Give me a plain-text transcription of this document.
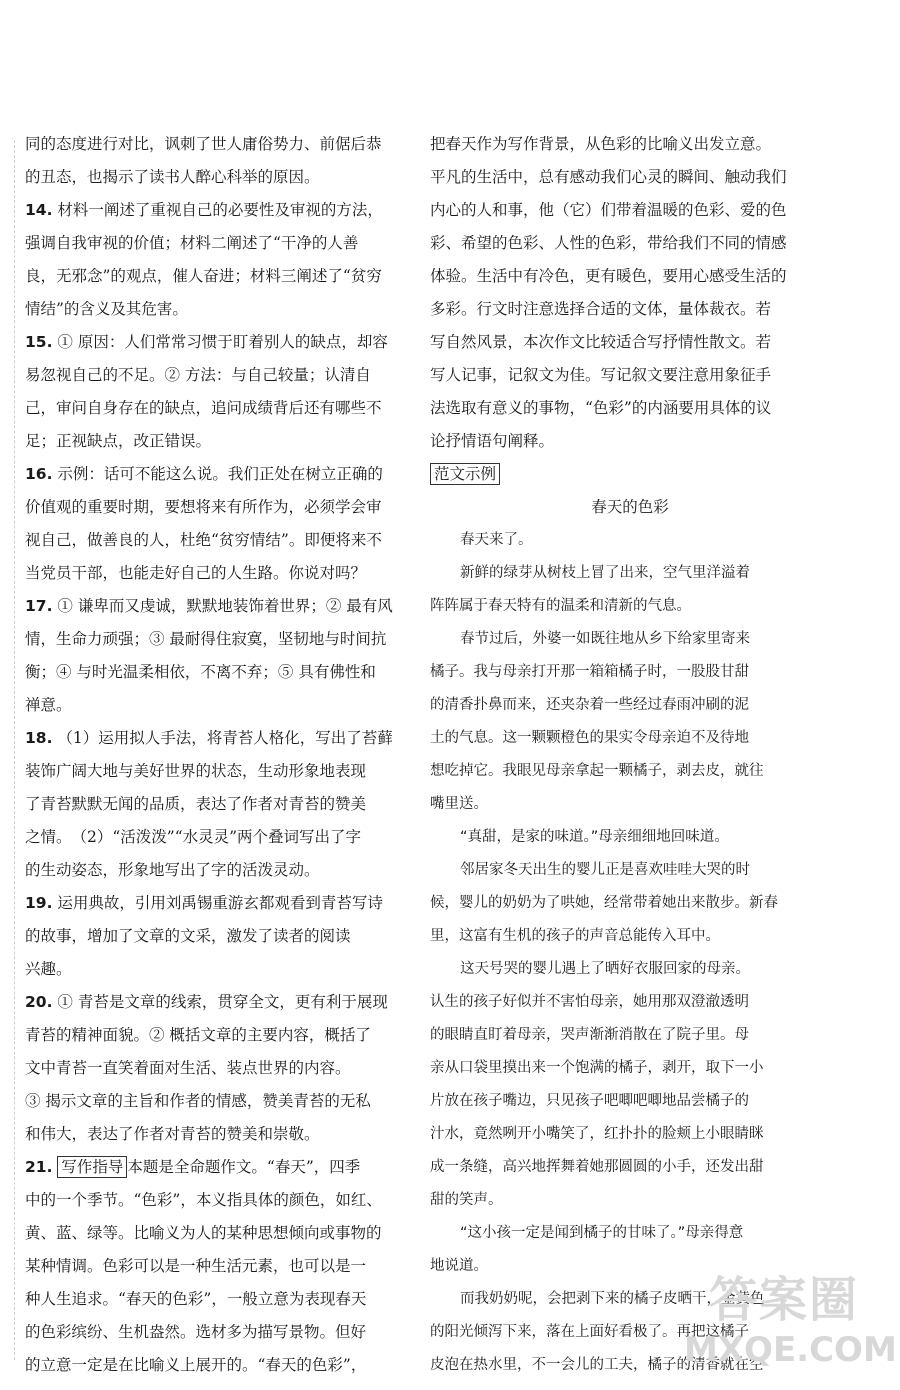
同的态度进行对比，讽刺了世人庸俗势力、前倨后恭
的丑态，也揭示了读书人醉心科举的原因。
14. 材料一阐述了重视自己的必要性及审视的方法，
强调自我审视的价值；材料二阐述了“干净的人善
良，无邪念”的观点，催人奋进；材料三阐述了“贫穷
情结”的含义及其危害。
15. ① 原因：人们常常习惯于盯着别人的缺点，却容
易忽视自己的不足。② 方法：与自己较量；认清自
己，审问自身存在的缺点，追问成绩背后还有哪些不
足；正视缺点，改正错误。
16. 示例：话可不能这么说。我们正处在树立正确的
价值观的重要时期，要想将来有所作为，必须学会审
视自己，做善良的人，杜绝“贫穷情结”。即便将来不
当党员干部，也能走好自己的人生路。你说对吗？
17. ① 谦卑而又虔诚，默默地装饰着世界；② 最有风
情，生命力顽强；③ 最耐得住寂寞，坚韧地与时间抗
衡；④ 与时光温柔相依，不离不弃；⑤ 具有佛性和
禅意。
18. （1）运用拟人手法，将青苔人格化，写出了苔藓
装饰广阔大地与美好世界的状态，生动形象地表现
了青苔默默无闻的品质，表达了作者对青苔的赞美
之情。　（2）“活泼泼”“水灵灵”两个叠词写出了字
的生动姿态，形象地写出了字的活泼灵动。
19. 运用典故，引用刘禹锡重游玄都观看到青苔写诗
的故事，增加了文章的文采，激发了读者的阅读
兴趣。
20. ① 青苔是文章的线索，贯穿全文，更有利于展现
青苔的精神面貌。② 概括文章的主要内容，概括了
文中青苔一直笑着面对生活、装点世界的内容。
③ 揭示文章的主旨和作者的情感，赞美青苔的无私
和伟大，表达了作者对青苔的赞美和崇敬。
21. 写作指导 本题是全命题作文。“春天”，四季
中的一个季节。“色彩”，本义指具体的颜色，如红、
黄、蓝、绿等。比喻义为人的某种思想倾向或事物的
某种情调。色彩可以是一种生活元素，也可以是一
种人生追求。“春天的色彩”，一般立意为表现春天
的色彩缤纷、生机盎然。选材多为描写景物。但好
的立意一定是在比喻义上展开的。“春天的色彩”，
把春天作为写作背景，从色彩的比喻义出发立意。
平凡的生活中，总有感动我们心灵的瞬间、触动我们
内心的人和事，他（它）们带着温暖的色彩、爱的色
彩、希望的色彩、人性的色彩，带给我们不同的情感
体验。生活中有冷色，更有暖色，要用心感受生活的
多彩。行文时注意选择合适的文体，量体裁衣。若
写自然风景，本次作文比较适合写抒情性散文。若
写人记事，记叙文为佳。写记叙文要注意用象征手
法选取有意义的事物，“色彩”的内涵要用具体的议
论抒情语句阐释。
范文示例
春天的色彩
春天来了。
新鲜的绿芽从树枝上冒了出来，空气里洋溢着
阵阵属于春天特有的温柔和清新的气息。
春节过后，外婆一如既往地从乡下给家里寄来
橘子。我与母亲打开那一箱箱橘子时，一股股甘甜
的清香扑鼻而来，还夹杂着一些经过春雨冲刷的泥
土的气息。这一颗颗橙色的果实令母亲迫不及待地
想吃掉它。我眼见母亲拿起一颗橘子，剥去皮，就往
嘴里送。
“真甜，是家的味道。”母亲细细地回味道。
邻居家冬天出生的婴儿正是喜欢哇哇大哭的时
候，婴儿的奶奶为了哄她，经常带着她出来散步。新春
里，这富有生机的孩子的声音总能传入耳中。
这天号哭的婴儿遇上了晒好衣服回家的母亲。
认生的孩子好似并不害怕母亲，她用那双澄澈透明
的眼睛直盯着母亲，哭声渐渐消散在了院子里。母
亲从口袋里摸出来一个饱满的橘子，剥开，取下一小
片放在孩子嘴边，只见孩子吧唧吧唧地品尝橘子的
汁水，竟然咧开小嘴笑了，红扑扑的脸颊上小眼睛眯
成一条缝，高兴地挥舞着她那圆圆的小手，还发出甜
甜的笑声。
“这小孩一定是闻到橘子的甘味了。”母亲得意
地说道。
而我奶奶呢，会把剥下来的橘子皮晒干，金黄色
的阳光倾泻下来，落在上面好看极了。再把这橘子
皮泡在热水里，不一会儿的工夫，橘子的清香就在空
答案圈
MXQE.COM
